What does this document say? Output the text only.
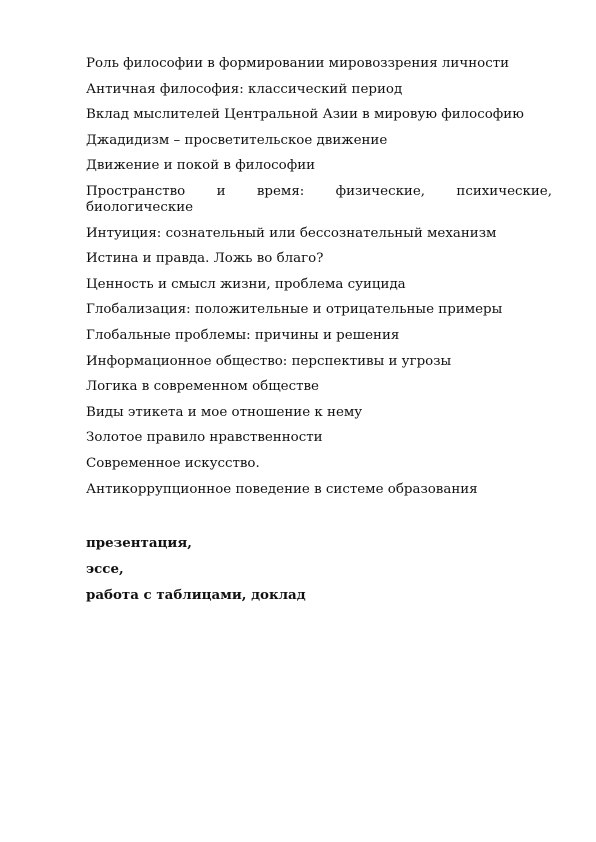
Роль философии в формировании мировоззрения личности
Античная философия: классический период
Вклад мыслителей Центральной Азии в мировую философию
Джадидизм – просветительское движение
Движение и покой в философии
Пространство и время: физические, психические,
биологические
Интуиция: сознательный или бессознательный механизм
Истина и правда. Ложь во благо?
Ценность и смысл жизни, проблема суицида
Глобализация: положительные и отрицательные примеры
Глобальные проблемы: причины и решения
Информационное общество: перспективы и угрозы
Логика в современном обществе
Виды этикета и мое отношение к нему
Золотое правило нравственности
Современное искусство.
Антикоррупционное поведение в системе образования
презентация,
эссе,
работа с таблицами, доклад
